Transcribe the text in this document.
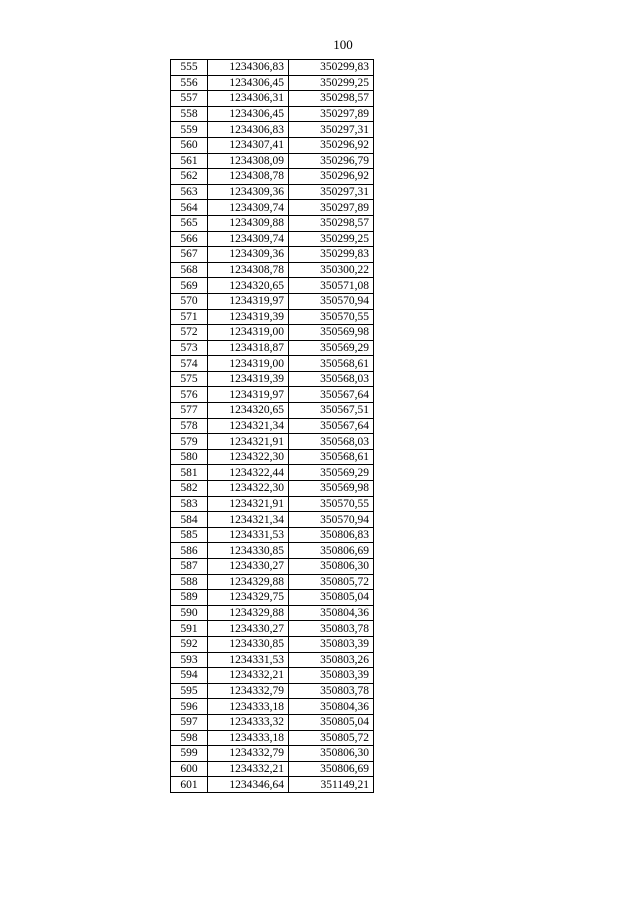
100
555	1234306,83	350299,83
556	1234306,45	350299,25
557	1234306,31	350298,57
558	1234306,45	350297,89
559	1234306,83	350297,31
560	1234307,41	350296,92
561	1234308,09	350296,79
562	1234308,78	350296,92
563	1234309,36	350297,31
564	1234309,74	350297,89
565	1234309,88	350298,57
566	1234309,74	350299,25
567	1234309,36	350299,83
568	1234308,78	350300,22
569	1234320,65	350571,08
570	1234319,97	350570,94
571	1234319,39	350570,55
572	1234319,00	350569,98
573	1234318,87	350569,29
574	1234319,00	350568,61
575	1234319,39	350568,03
576	1234319,97	350567,64
577	1234320,65	350567,51
578	1234321,34	350567,64
579	1234321,91	350568,03
580	1234322,30	350568,61
581	1234322,44	350569,29
582	1234322,30	350569,98
583	1234321,91	350570,55
584	1234321,34	350570,94
585	1234331,53	350806,83
586	1234330,85	350806,69
587	1234330,27	350806,30
588	1234329,88	350805,72
589	1234329,75	350805,04
590	1234329,88	350804,36
591	1234330,27	350803,78
592	1234330,85	350803,39
593	1234331,53	350803,26
594	1234332,21	350803,39
595	1234332,79	350803,78
596	1234333,18	350804,36
597	1234333,32	350805,04
598	1234333,18	350805,72
599	1234332,79	350806,30
600	1234332,21	350806,69
601	1234346,64	351149,21
